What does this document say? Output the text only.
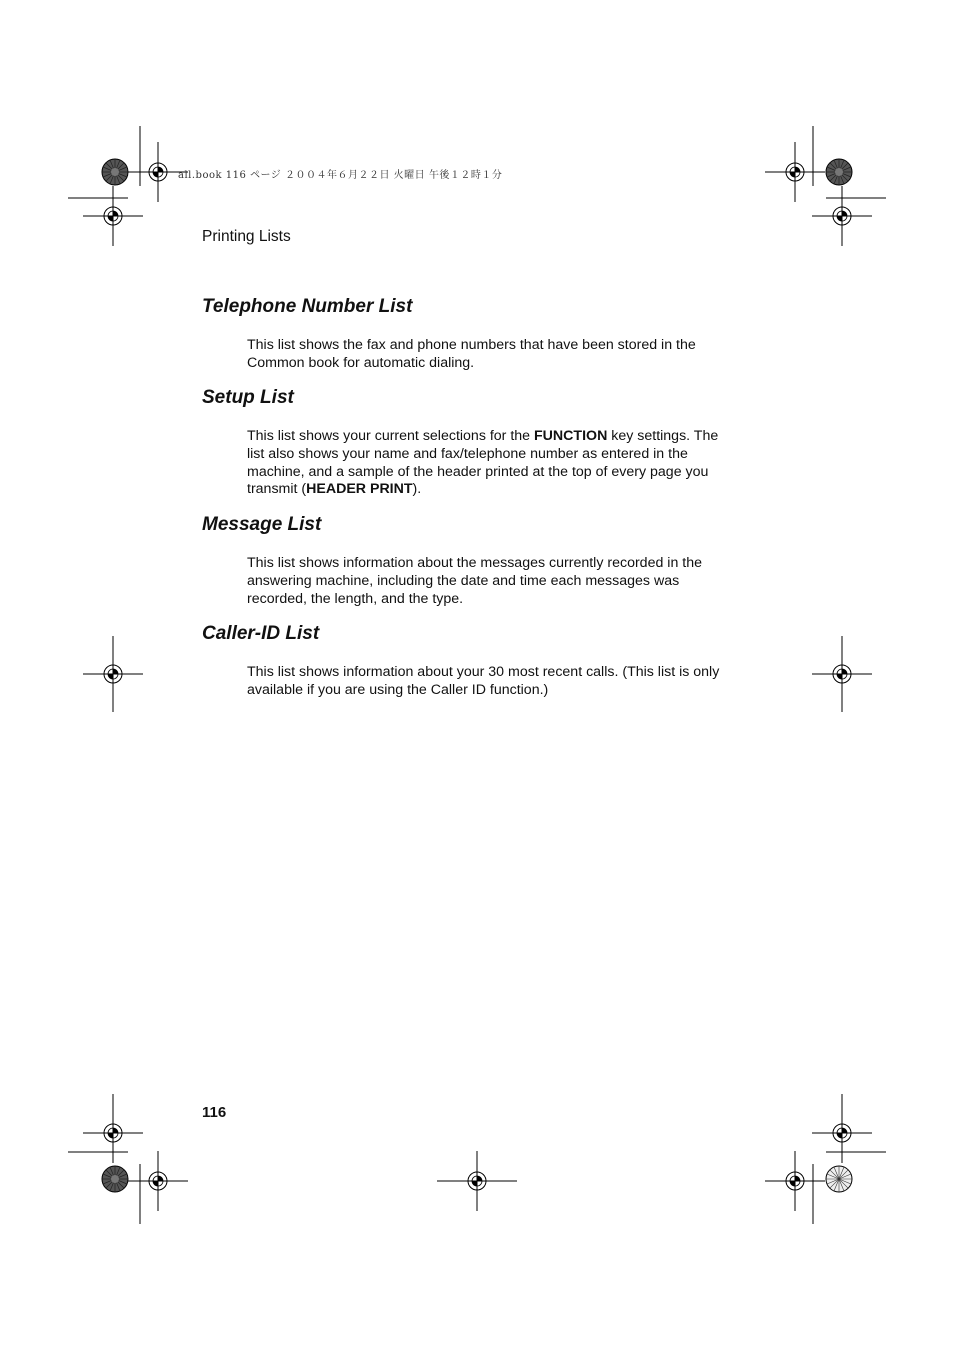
all.book 116 ページ ２００４年６月２２日 火曜日 午後１２時１分
Printing Lists
Telephone Number List

This list shows the fax and phone numbers that have been stored in the Common book for automatic dialing.

Setup List

This list shows your current selections for the FUNCTION key settings. The list also shows your name and fax/telephone number as entered in the machine, and a sample of the header printed at the top of every page you transmit (HEADER PRINT).

Message List

This list shows information about the messages currently recorded in the answering machine, including the date and time each messages was recorded, the length, and the type.

Caller-ID List

This list shows information about your 30 most recent calls. (This list is only available if you are using the Caller ID function.)

116
